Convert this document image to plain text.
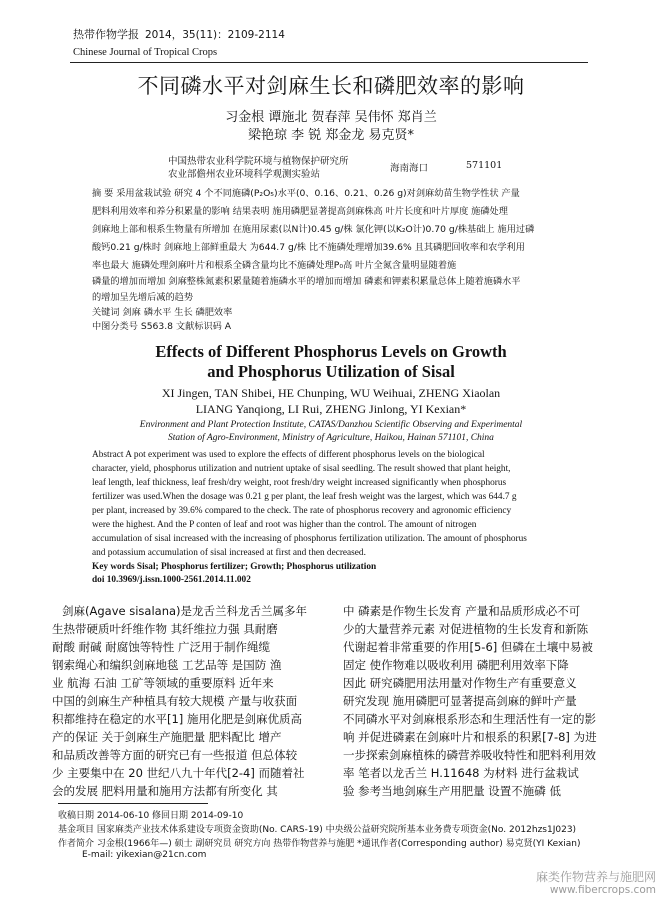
热带作物学报 2014，35(11)：2109-2114
Chinese Journal of Tropical Crops
不同磷水平对剑麻生长和磷肥效率的影响
习金根 谭施北 贺春萍 吴伟怀 郑肖兰
梁艳琼 李 锐 郑金龙 易克贤*
中国热带农业科学院环境与植物保护研究所
农业部儋州农业环境科学观测实验站
海南海口	571101
摘 要 采用盆栽试验 研究 4 个不同施磷(P₂O₅)水平(0、0.16、0.21、0.26 g)对剑麻幼苗生物学性状 产量
肥料利用效率和养分积累量的影响 结果表明 施用磷肥显著提高剑麻株高 叶片长度和叶片厚度 施磷处理
剑麻地上部和根系生物量有所增加 在施用尿素(以N计)0.45 g/株 氯化钾(以K₂O计)0.70 g/株基础上 施用过磷
酸钙0.21 g/株时 剑麻地上部鲜重最大 为644.7 g/株 比不施磷处理增加39.6% 且其磷肥回收率和农学利用
率也最大 施磷处理剑麻叶片和根系全磷含量均比不施磷处理P₀高 叶片全氮含量明显随着施
磷量的增加而增加 剑麻整株氮素积累量随着施磷水平的增加而增加 磷素和钾素积累量总体上随着施磷水平
的增加呈先增后减的趋势
关键词 剑麻 磷水平 生长 磷肥效率
中图分类号 S563.8 文献标识码 A
Effects of Different Phosphorus Levels on Growth
and Phosphorus Utilization of Sisal
XI Jingen, TAN Shibei, HE Chunping, WU Weihuai, ZHENG Xiaolan
LIANG Yanqiong, LI Rui, ZHENG Jinlong, YI Kexian*
Environment and Plant Protection Institute, CATAS/Danzhou Scientific Observing and Experimental
Station of Agro-Environment, Ministry of Agriculture, Haikou, Hainan 571101, China
Abstract A pot experiment was used to explore the effects of different phosphorus levels on the biological
character, yield, phosphorus utilization and nutrient uptake of sisal seedling. The result showed that plant height,
leaf length, leaf thickness, leaf fresh/dry weight, root fresh/dry weight increased significantly when phosphorus
fertilizer was used.When the dosage was 0.21 g per plant, the leaf fresh weight was the largest, which was 644.7 g
per plant, increased by 39.6% compared to the check. The rate of phosphorus recovery and agronomic efficiency
were the highest. And the P conten of leaf and root was higher than the control. The amount of nitrogen
accumulation of sisal increased with the increasing of phosphorus fertilization utilization. The amount of phosphorus
and potassium accumulation of sisal increased at first and then decreased.
Key words Sisal; Phosphorus fertilizer; Growth; Phosphorus utilization
doi 10.3969/j.issn.1000-2561.2014.11.002
剑麻(Agave sisalana)是龙舌兰科龙舌兰属多年
生热带硬质叶纤维作物 其纤维拉力强 具耐磨
耐酸 耐碱 耐腐蚀等特性 广泛用于制作绳缆
钢索绳心和编织剑麻地毯 工艺品等 是国防 渔
业 航海 石油 工矿等领域的重要原料 近年来
中国的剑麻生产种植具有较大规模 产量与收获面
积都维持在稳定的水平[1] 施用化肥是剑麻优质高
产的保证 关于剑麻生产施肥量 肥料配比 增产
和品质改善等方面的研究已有一些报道 但总体较
少 主要集中在 20 世纪八九十年代[2-4] 而随着社
会的发展 肥料用量和施用方法都有所变化 其
中 磷素是作物生长发育 产量和品质形成必不可
少的大量营养元素 对促进植物的生长发育和新陈
代谢起着非常重要的作用[5-6] 但磷在土壤中易被
固定 使作物难以吸收利用 磷肥利用效率下降
因此 研究磷肥用法用量对作物生产有重要意义
研究发现 施用磷肥可显著提高剑麻的鲜叶产量
不同磷水平对剑麻根系形态和生理活性有一定的影
响 并促进磷素在剑麻叶片和根系的积累[7-8] 为进
一步探索剑麻植株的磷营养吸收特性和肥料利用效
率 笔者以龙舌兰 H.11648 为材料 进行盆栽试
验 参考当地剑麻生产用肥量 设置不施磷 低
收稿日期 2014-06-10 修回日期 2014-09-10
基金项目 国家麻类产业技术体系建设专项资金资助(No. CARS-19) 中央级公益研究院所基本业务费专项资金(No. 2012hzs1J023)
作者简介 习金根(1966年—) 硕士 副研究员 研究方向 热带作物营养与施肥 *通讯作者(Corresponding author) 易克贤(YI Kexian)
E-mail: yikexian@21cn.com
麻类作物营养与施肥网
www.fibercrops.com
